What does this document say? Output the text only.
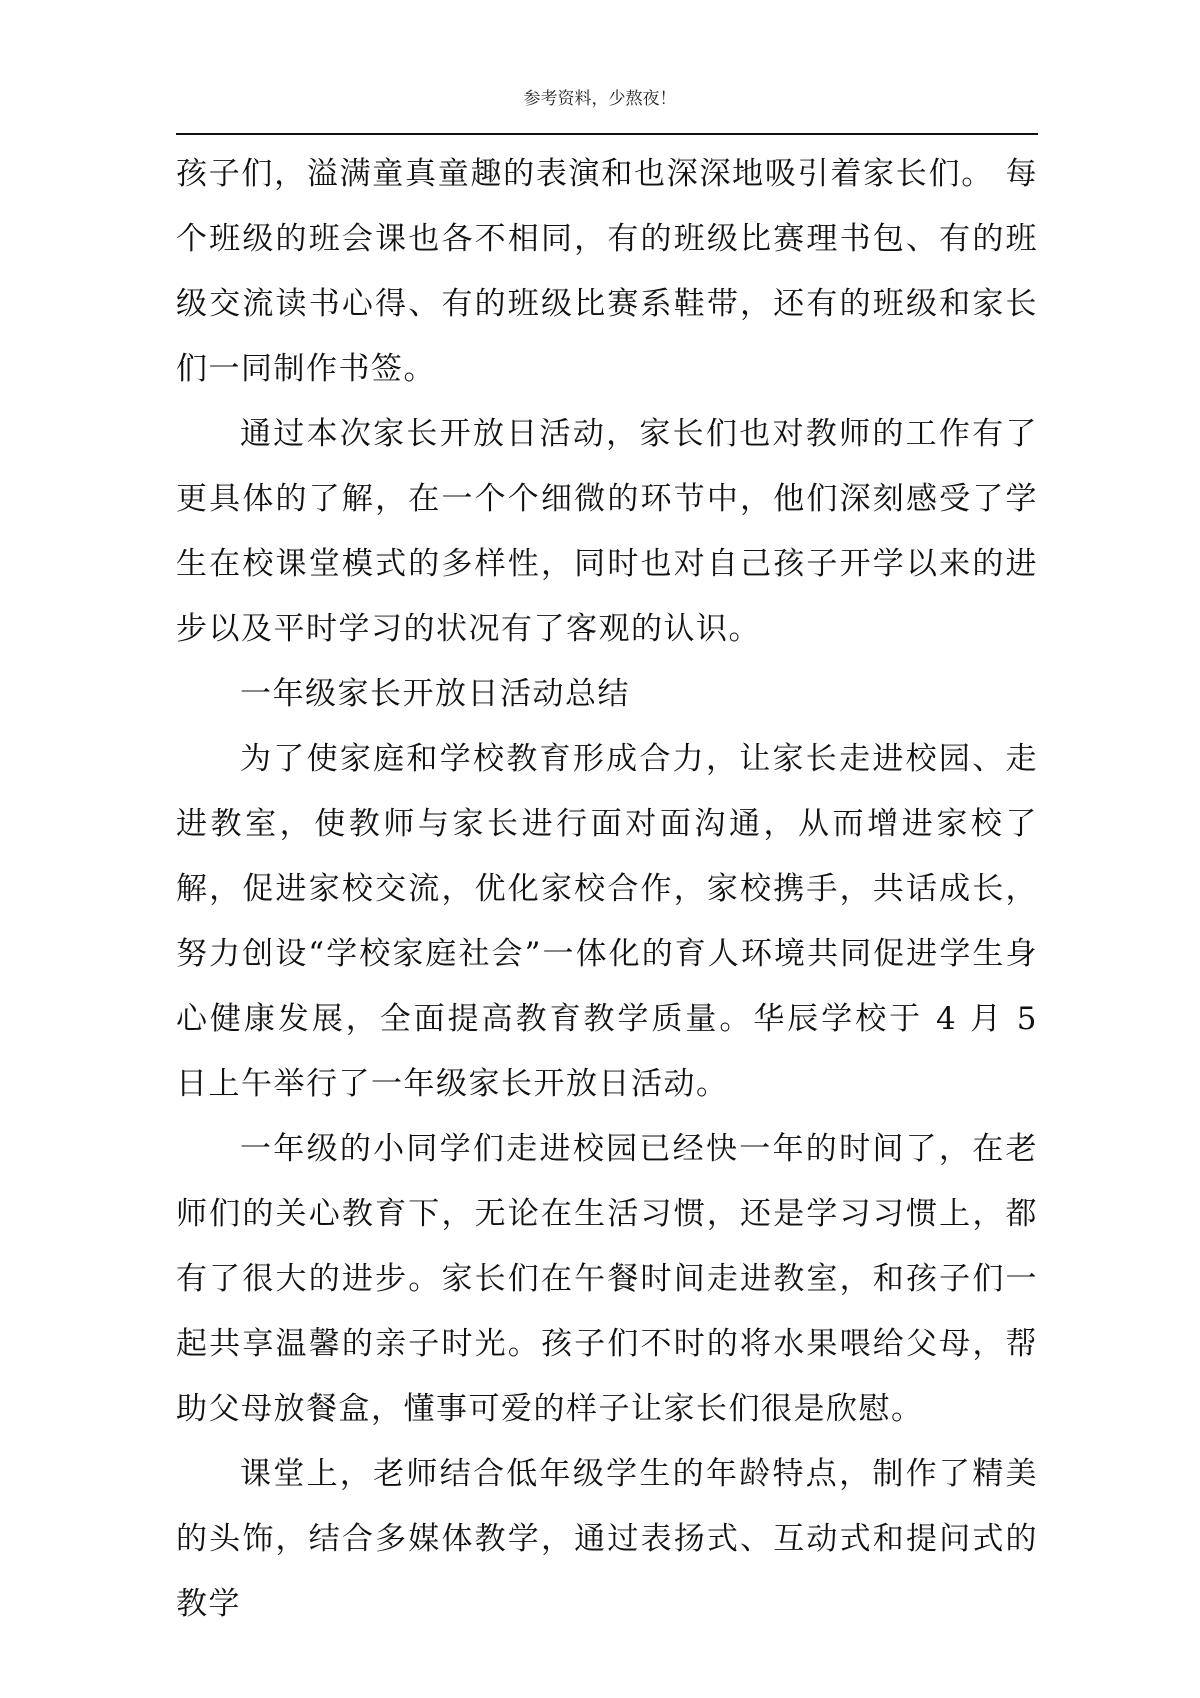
参考资料，少熬夜！

孩子们，溢满童真童趣的表演和也深深地吸引着家长们。 每个班级的班会课也各不相同，有的班级比赛理书包、有的班级交流读书心得、有的班级比赛系鞋带，还有的班级和家长们一同制作书签。

通过本次家长开放日活动，家长们也对教师的工作有了更具体的了解，在一个个细微的环节中，他们深刻感受了学生在校课堂模式的多样性，同时也对自己孩子开学以来的进步以及平时学习的状况有了客观的认识。

一年级家长开放日活动总结

为了使家庭和学校教育形成合力，让家长走进校园、走进教室，使教师与家长进行面对面沟通，从而增进家校了解，促进家校交流，优化家校合作，家校携手，共话成长，努力创设“学校家庭社会”一体化的育人环境共同促进学生身心健康发展，全面提高教育教学质量。华辰学校于 4 月 5 日上午举行了一年级家长开放日活动。

一年级的小同学们走进校园已经快一年的时间了，在老师们的关心教育下，无论在生活习惯，还是学习习惯上，都有了很大的进步。家长们在午餐时间走进教室，和孩子们一起共享温馨的亲子时光。孩子们不时的将水果喂给父母，帮助父母放餐盒，懂事可爱的样子让家长们很是欣慰。

课堂上，老师结合低年级学生的年龄特点，制作了精美的头饰，结合多媒体教学，通过表扬式、互动式和提问式的教学
